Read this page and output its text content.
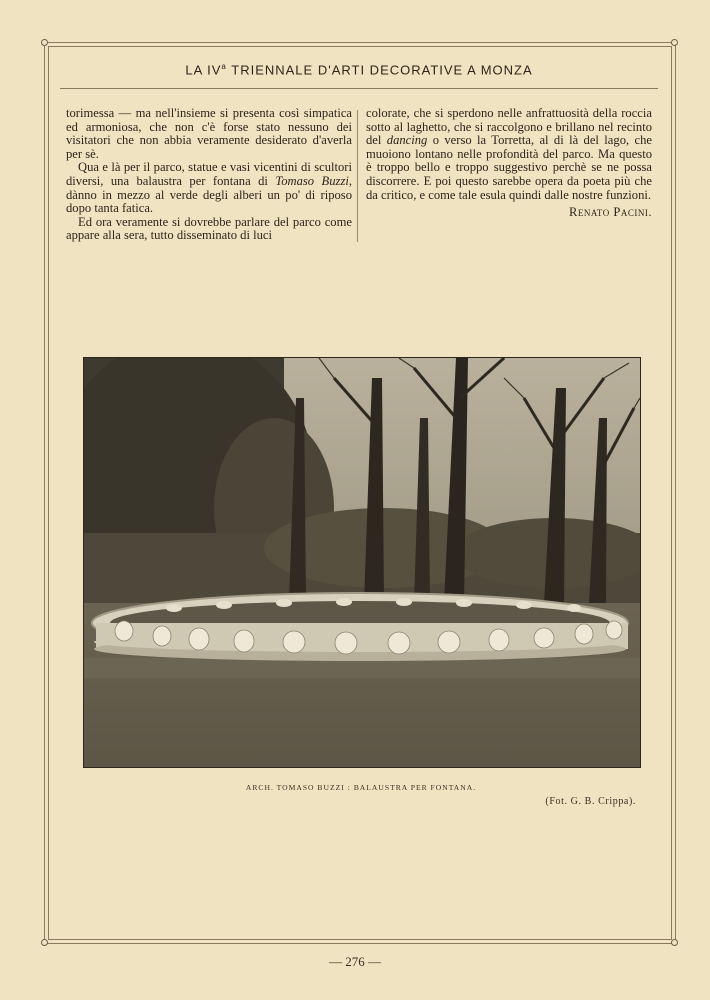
LA $IV^a$ TRIENNALE D'ARTI DECORATIVE A MONZA

torimessa — ma nell'insieme si presenta così simpatica ed armoniosa, che non c'è forse stato nessuno dei visitatori che non abbia veramente desiderato d'averla per sè.

Qua e là per il parco, statue e vasi vicentini di scultori diversi, una balaustra per fontana di Tomaso Buzzi, dànno in mezzo al verde degli alberi un po' di riposo dopo tanta fatica.

Ed ora veramente si dovrebbe parlare del parco come appare alla sera, tutto disseminato di luci

colorate, che si sperdono nelle anfrattuosità della roccia sotto al laghetto, che si raccolgono e brillano nel recinto del dancing o verso la Torretta, al di là del lago, che muoiono lontano nelle profondità del parco. Ma questo è troppo bello e troppo suggestivo perchè se ne possa discorrere. E poi questo sarebbe opera da poeta più che da critico, e come tale esula quindi dalle nostre funzioni.

Renato Pacini.
ARCH. TOMASO BUZZI : BALAUSTRA PER FONTANA.
(Fot. G. B. Crippa).
— 276 —
